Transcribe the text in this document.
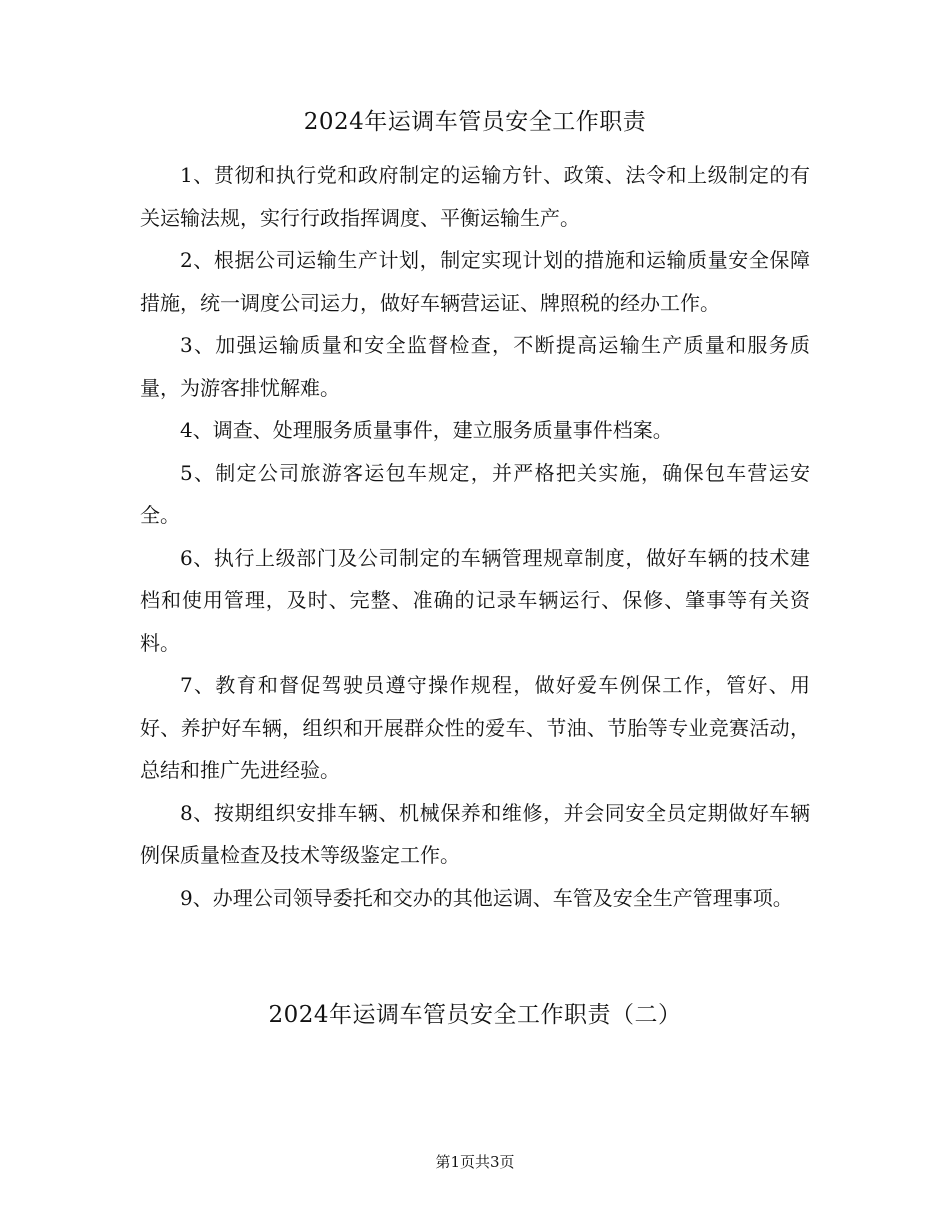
2024年运调车管员安全工作职责

1、贯彻和执行党和政府制定的运输方针、政策、法令和上级制定的有关运输法规，实行行政指挥调度、平衡运输生产。

2、根据公司运输生产计划，制定实现计划的措施和运输质量安全保障措施，统一调度公司运力，做好车辆营运证、牌照税的经办工作。

3、加强运输质量和安全监督检查，不断提高运输生产质量和服务质量，为游客排忧解难。

4、调查、处理服务质量事件，建立服务质量事件档案。

5、制定公司旅游客运包车规定，并严格把关实施，确保包车营运安全。

6、执行上级部门及公司制定的车辆管理规章制度，做好车辆的技术建档和使用管理，及时、完整、准确的记录车辆运行、保修、肇事等有关资料。

7、教育和督促驾驶员遵守操作规程，做好爱车例保工作，管好、用好、养护好车辆，组织和开展群众性的爱车、节油、节胎等专业竞赛活动，总结和推广先进经验。

8、按期组织安排车辆、机械保养和维修，并会同安全员定期做好车辆例保质量检查及技术等级鉴定工作。

9、办理公司领导委托和交办的其他运调、车管及安全生产管理事项。

2024年运调车管员安全工作职责（二）
第1页共3页
